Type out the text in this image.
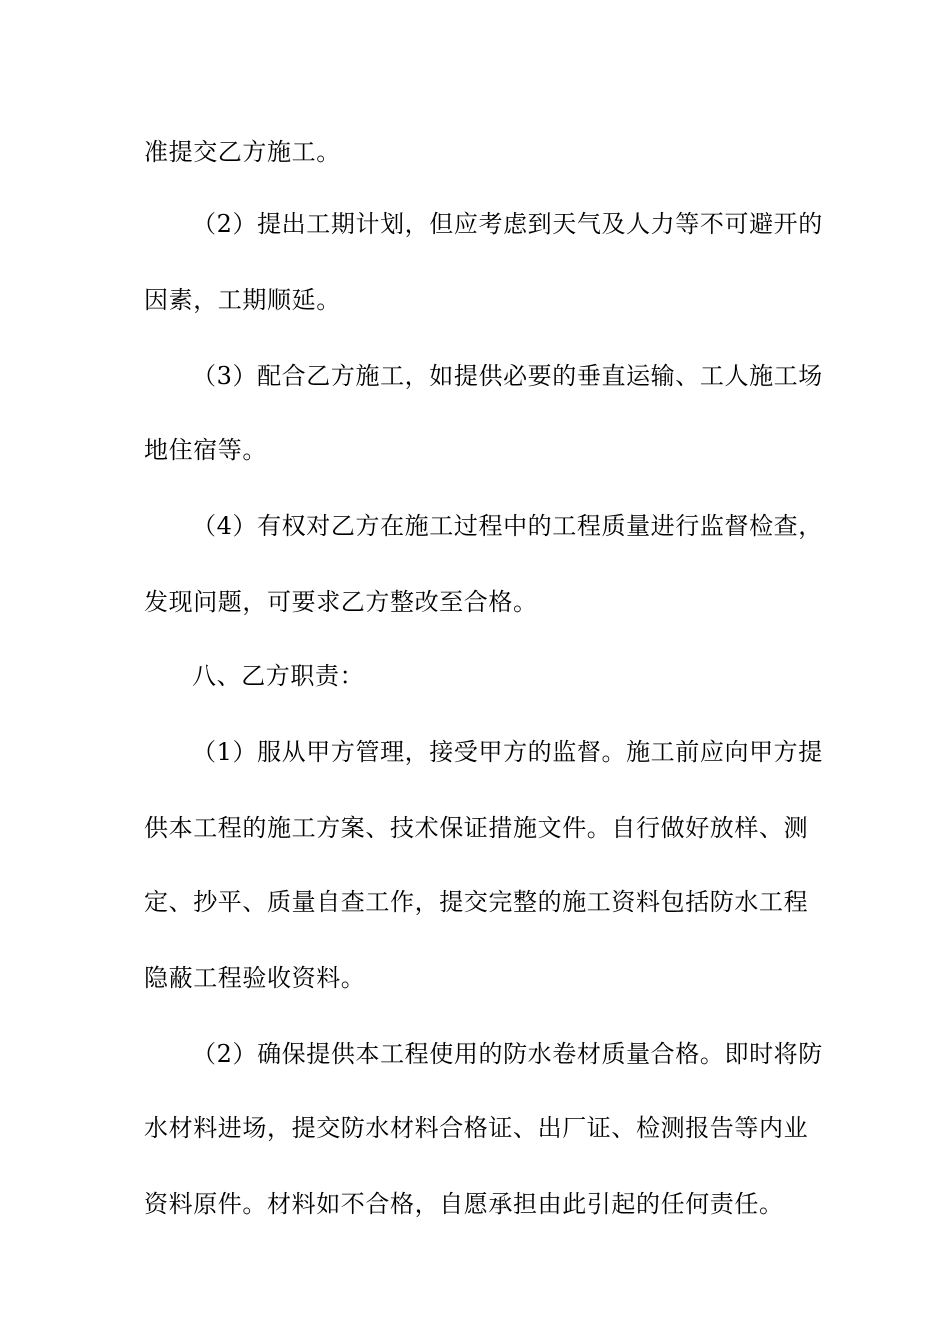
准提交乙方施工。
（2）提出工期计划，但应考虑到天气及人力等不可避开的
因素，工期顺延。
（3）配合乙方施工，如提供必要的垂直运输、工人施工场
地住宿等。
（4）有权对乙方在施工过程中的工程质量进行监督检查，
发现问题，可要求乙方整改至合格。
八、乙方职责：
（1）服从甲方管理，接受甲方的监督。施工前应向甲方提
供本工程的施工方案、技术保证措施文件。自行做好放样、测
定、抄平、质量自查工作，提交完整的施工资料包括防水工程
隐蔽工程验收资料。
（2）确保提供本工程使用的防水卷材质量合格。即时将防
水材料进场，提交防水材料合格证、出厂证、检测报告等内业
资料原件。材料如不合格，自愿承担由此引起的任何责任。
